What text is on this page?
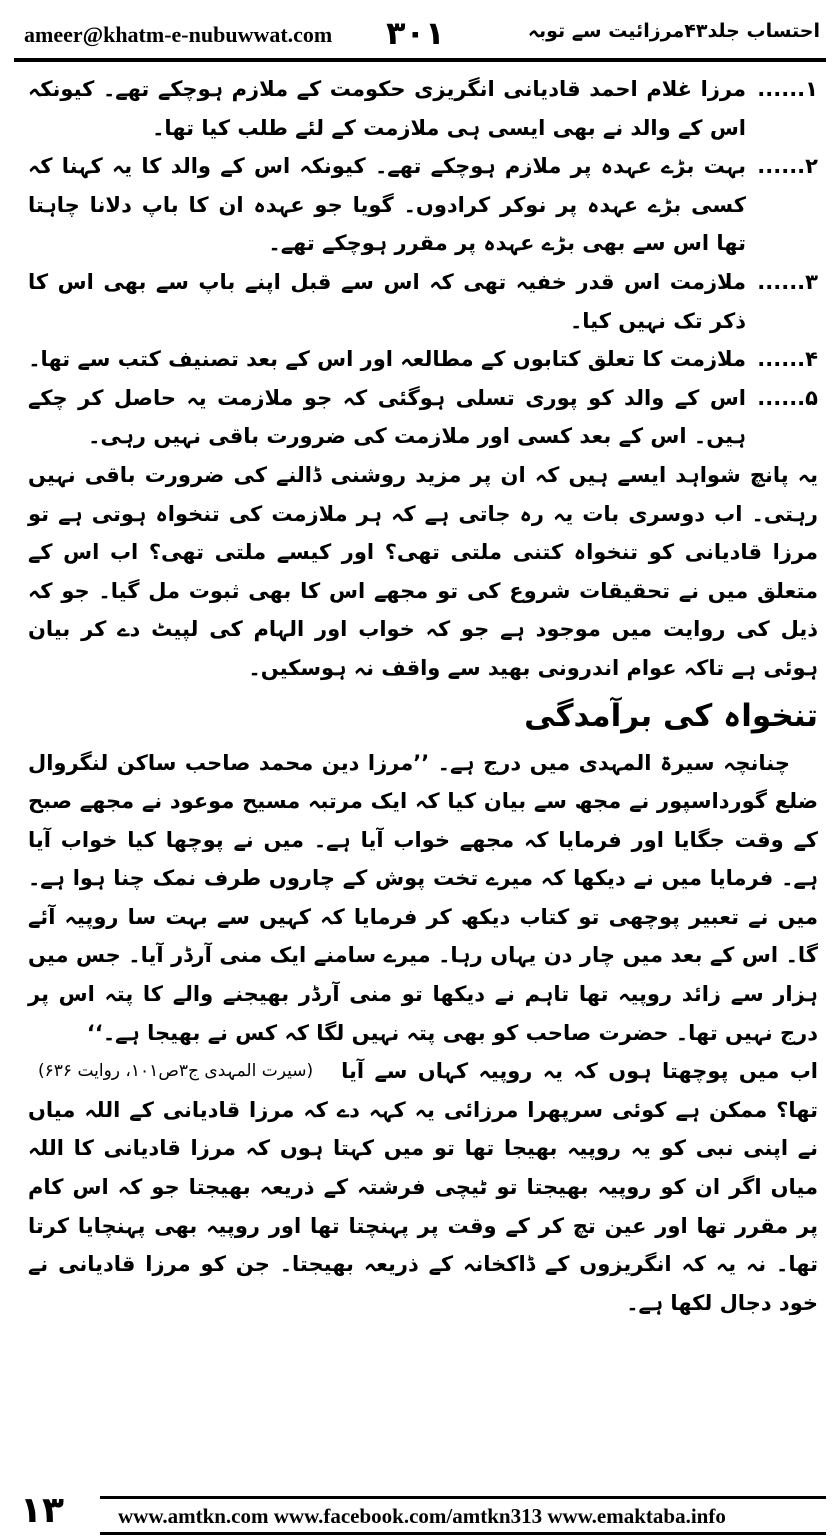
ameer@khatm-e-nubuwwat.com ۳۰۱	احتساب جلد۴۳مرزائیت سے توبہ
۱......
مرزا غلام احمد قادیانی انگریزی حکومت کے ملازم ہوچکے تھے۔ کیونکہ اس کے والد نے بھی ایسی ہی ملازمت کے لئے طلب کیا تھا۔
۲......
بہت بڑے عہدہ پر ملازم ہوچکے تھے۔ کیونکہ اس کے والد کا یہ کہنا کہ کسی بڑے عہدہ پر نوکر کرادوں۔ گویا جو عہدہ ان کا باپ دلانا چاہتا تھا اس سے بھی بڑے عہدہ پر مقرر ہوچکے تھے۔
۳......
ملازمت اس قدر خفیہ تھی کہ اس سے قبل اپنے باپ سے بھی اس کا ذکر تک نہیں کیا۔
۴......
ملازمت کا تعلق کتابوں کے مطالعہ اور اس کے بعد تصنیف کتب سے تھا۔
۵......
اس کے والد کو پوری تسلی ہوگئی کہ جو ملازمت یہ حاصل کر چکے ہیں۔ اس کے بعد کسی اور ملازمت کی ضرورت باقی نہیں رہی۔

یہ پانچ شواہد ایسے ہیں کہ ان پر مزید روشنی ڈالنے کی ضرورت باقی نہیں رہتی۔ اب دوسری بات یہ رہ جاتی ہے کہ ہر ملازمت کی تنخواہ ہوتی ہے تو مرزا قادیانی کو تنخواہ کتنی ملتی تھی؟ اور کیسے ملتی تھی؟ اب اس کے متعلق میں نے تحقیقات شروع کی تو مجھے اس کا بھی ثبوت مل گیا۔ جو کہ ذیل کی روایت میں موجود ہے جو کہ خواب اور الہام کی لپیٹ دے کر بیان ہوئی ہے تاکہ عوام اندرونی بھید سے واقف نہ ہوسکیں۔

تنخواہ کی برآمدگی

چنانچہ سیرۃ المہدی میں درج ہے۔ ’’مرزا دین محمد صاحب ساکن لنگروال ضلع گورداسپور نے مجھ سے بیان کیا کہ ایک مرتبہ مسیح موعود نے مجھے صبح کے وقت جگایا اور فرمایا کہ مجھے خواب آیا ہے۔ میں نے پوچھا کیا خواب آیا ہے۔ فرمایا میں نے دیکھا کہ میرے تخت پوش کے چاروں طرف نمک چنا ہوا ہے۔ میں نے تعبیر پوچھی تو کتاب دیکھ کر فرمایا کہ کہیں سے بہت سا روپیہ آئے گا۔ اس کے بعد میں چار دن یہاں رہا۔ میرے سامنے ایک منی آرڈر آیا۔ جس میں ہزار سے زائد روپیہ تھا تاہم نے دیکھا تو منی آرڈر بھیجنے والے کا پتہ اس پر درج نہیں تھا۔ حضرت صاحب کو بھی پتہ نہیں لگا کہ کس نے بھیجا ہے۔‘‘
(سیرت المہدی ج۳ص۱۰۱، روایت ۶۳۶)	اب میں پوچھتا ہوں کہ یہ روپیہ کہاں سے آیا تھا؟ ممکن ہے کوئی سرپھرا مرزائی یہ کہہ دے کہ مرزا قادیانی کے اللہ میاں نے اپنی نبی کو یہ روپیہ بھیجا تھا تو میں کہتا ہوں کہ مرزا قادیانی کا اللہ میاں اگر ان کو روپیہ بھیجتا تو ٹیچی فرشتہ کے ذریعہ بھیجتا جو کہ اس کام پر مقرر تھا اور عین تچ کر کے وقت پر پہنچتا تھا اور روپیہ بھی پہنچایا کرتا تھا۔ نہ یہ کہ انگریزوں کے ڈاکخانہ کے ذریعہ بھیجتا۔ جن کو مرزا قادیانی نے خود دجال لکھا ہے۔

۱۳	www.amtkn.com www.facebook.com/amtkn313 www.emaktaba.info
